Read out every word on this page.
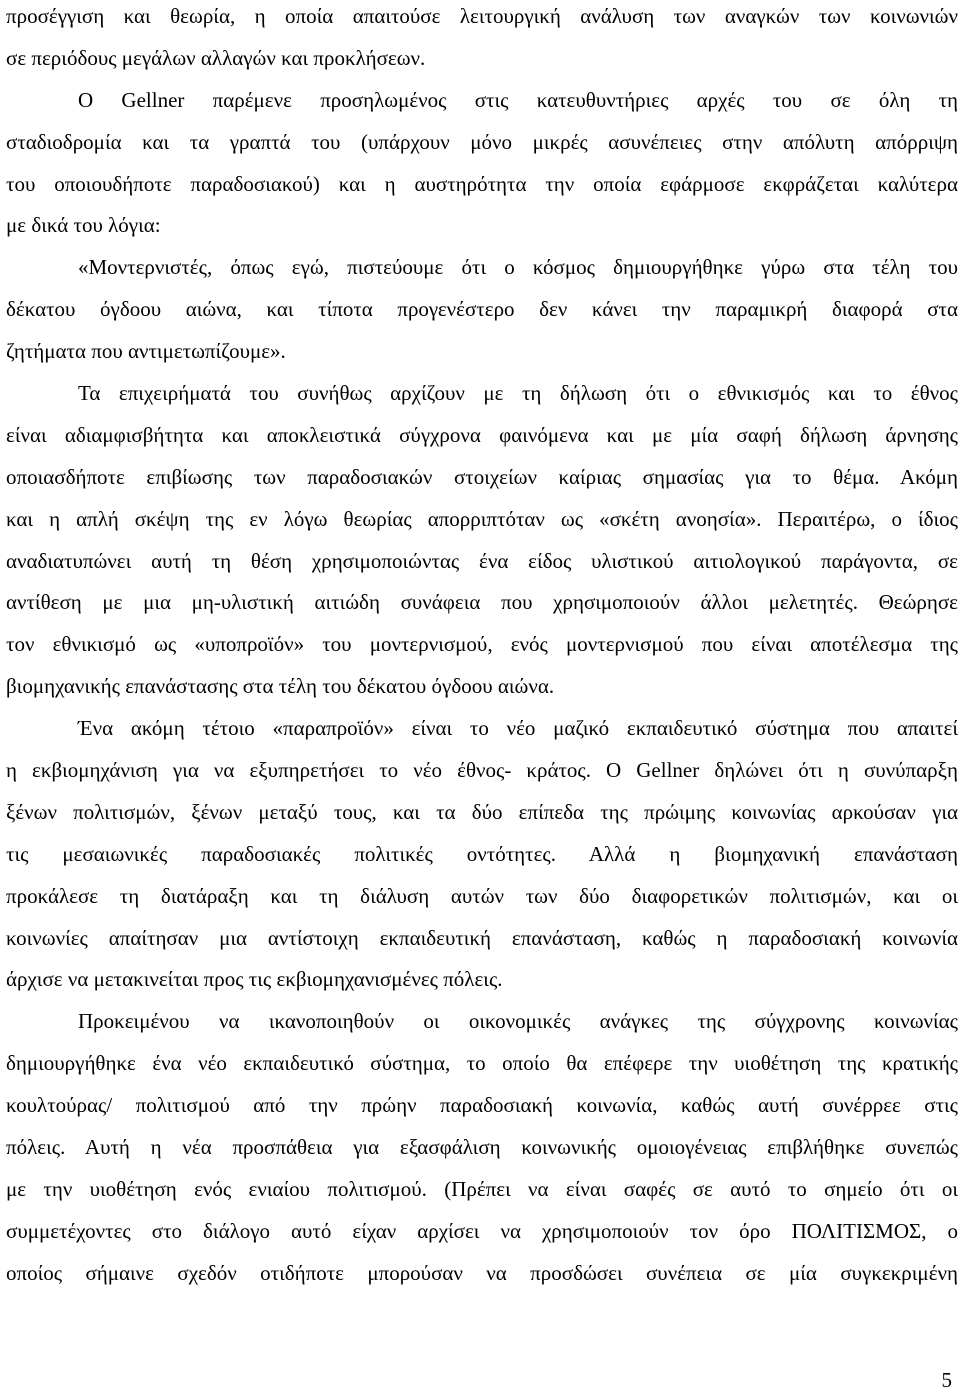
προσέγγιση και θεωρία, η οποία απαιτούσε λειτουργική ανάλυση των αναγκών των κοινωνιών
σε περιόδους μεγάλων αλλαγών και προκλήσεων.
Ο Gellner παρέμενε προσηλωμένος στις κατευθυντήριες αρχές του σε όλη τη
σταδιοδρομία και τα γραπτά του (υπάρχουν μόνο μικρές ασυνέπειες στην απόλυτη απόρριψη
του οποιουδήποτε παραδοσιακού) και η αυστηρότητα την οποία εφάρμοσε εκφράζεται καλύτερα
με δικά του λόγια:
«Μοντερνιστές, όπως εγώ, πιστεύουμε ότι ο κόσμος δημιουργήθηκε γύρω στα τέλη του
δέκατου όγδοου αιώνα, και τίποτα προγενέστερο δεν κάνει την παραμικρή διαφορά στα
ζητήματα που αντιμετωπίζουμε».
Τα επιχειρήματά του συνήθως αρχίζουν με τη δήλωση ότι ο εθνικισμός και το έθνος
είναι αδιαμφισβήτητα και αποκλειστικά σύγχρονα φαινόμενα και με μία σαφή δήλωση άρνησης
οποιασδήποτε επιβίωσης των παραδοσιακών στοιχείων καίριας σημασίας για το θέμα. Ακόμη
και η απλή σκέψη της εν λόγω θεωρίας απορριπτόταν ως «σκέτη ανοησία». Περαιτέρω, ο ίδιος
αναδιατυπώνει αυτή τη θέση χρησιμοποιώντας ένα είδος υλιστικού αιτιολογικού παράγοντα, σε
αντίθεση με μια μη-υλιστική αιτιώδη συνάφεια που χρησιμοποιούν άλλοι μελετητές. Θεώρησε
τον εθνικισμό ως «υποπροϊόν» του μοντερνισμού, ενός μοντερνισμού που είναι αποτέλεσμα της
βιομηχανικής επανάστασης στα τέλη του δέκατου όγδοου αιώνα.
Ένα ακόμη τέτοιο «παραπροϊόν» είναι το νέο μαζικό εκπαιδευτικό σύστημα που απαιτεί
η εκβιομηχάνιση για να εξυπηρετήσει το νέο έθνος- κράτος. Ο Gellner δηλώνει ότι η συνύπαρξη
ξένων πολιτισμών, ξένων μεταξύ τους, και τα δύο επίπεδα της πρώιμης κοινωνίας αρκούσαν για
τις μεσαιωνικές παραδοσιακές πολιτικές οντότητες. Αλλά η βιομηχανική επανάσταση
προκάλεσε τη διατάραξη και τη διάλυση αυτών των δύο διαφορετικών πολιτισμών, και οι
κοινωνίες απαίτησαν μια αντίστοιχη εκπαιδευτική επανάσταση, καθώς η παραδοσιακή κοινωνία
άρχισε να μετακινείται προς τις εκβιομηχανισμένες πόλεις.
Προκειμένου να ικανοποιηθούν οι οικονομικές ανάγκες της σύγχρονης κοινωνίας
δημιουργήθηκε ένα νέο εκπαιδευτικό σύστημα, το οποίο θα επέφερε την υιοθέτηση της κρατικής
κουλτούρας/ πολιτισμού από την πρώην παραδοσιακή κοινωνία, καθώς αυτή συνέρρεε στις
πόλεις. Αυτή η νέα προσπάθεια για εξασφάλιση κοινωνικής ομοιογένειας επιβλήθηκε συνεπώς
με την υιοθέτηση ενός ενιαίου πολιτισμού. (Πρέπει να είναι σαφές σε αυτό το σημείο ότι οι
συμμετέχοντες στο διάλογο αυτό είχαν αρχίσει να χρησιμοποιούν τον όρο ΠΟΛΙΤΙΣΜΟΣ, ο
οποίος σήμαινε σχεδόν οτιδήποτε μπορούσαν να προσδώσει συνέπεια σε μία συγκεκριμένη
5
